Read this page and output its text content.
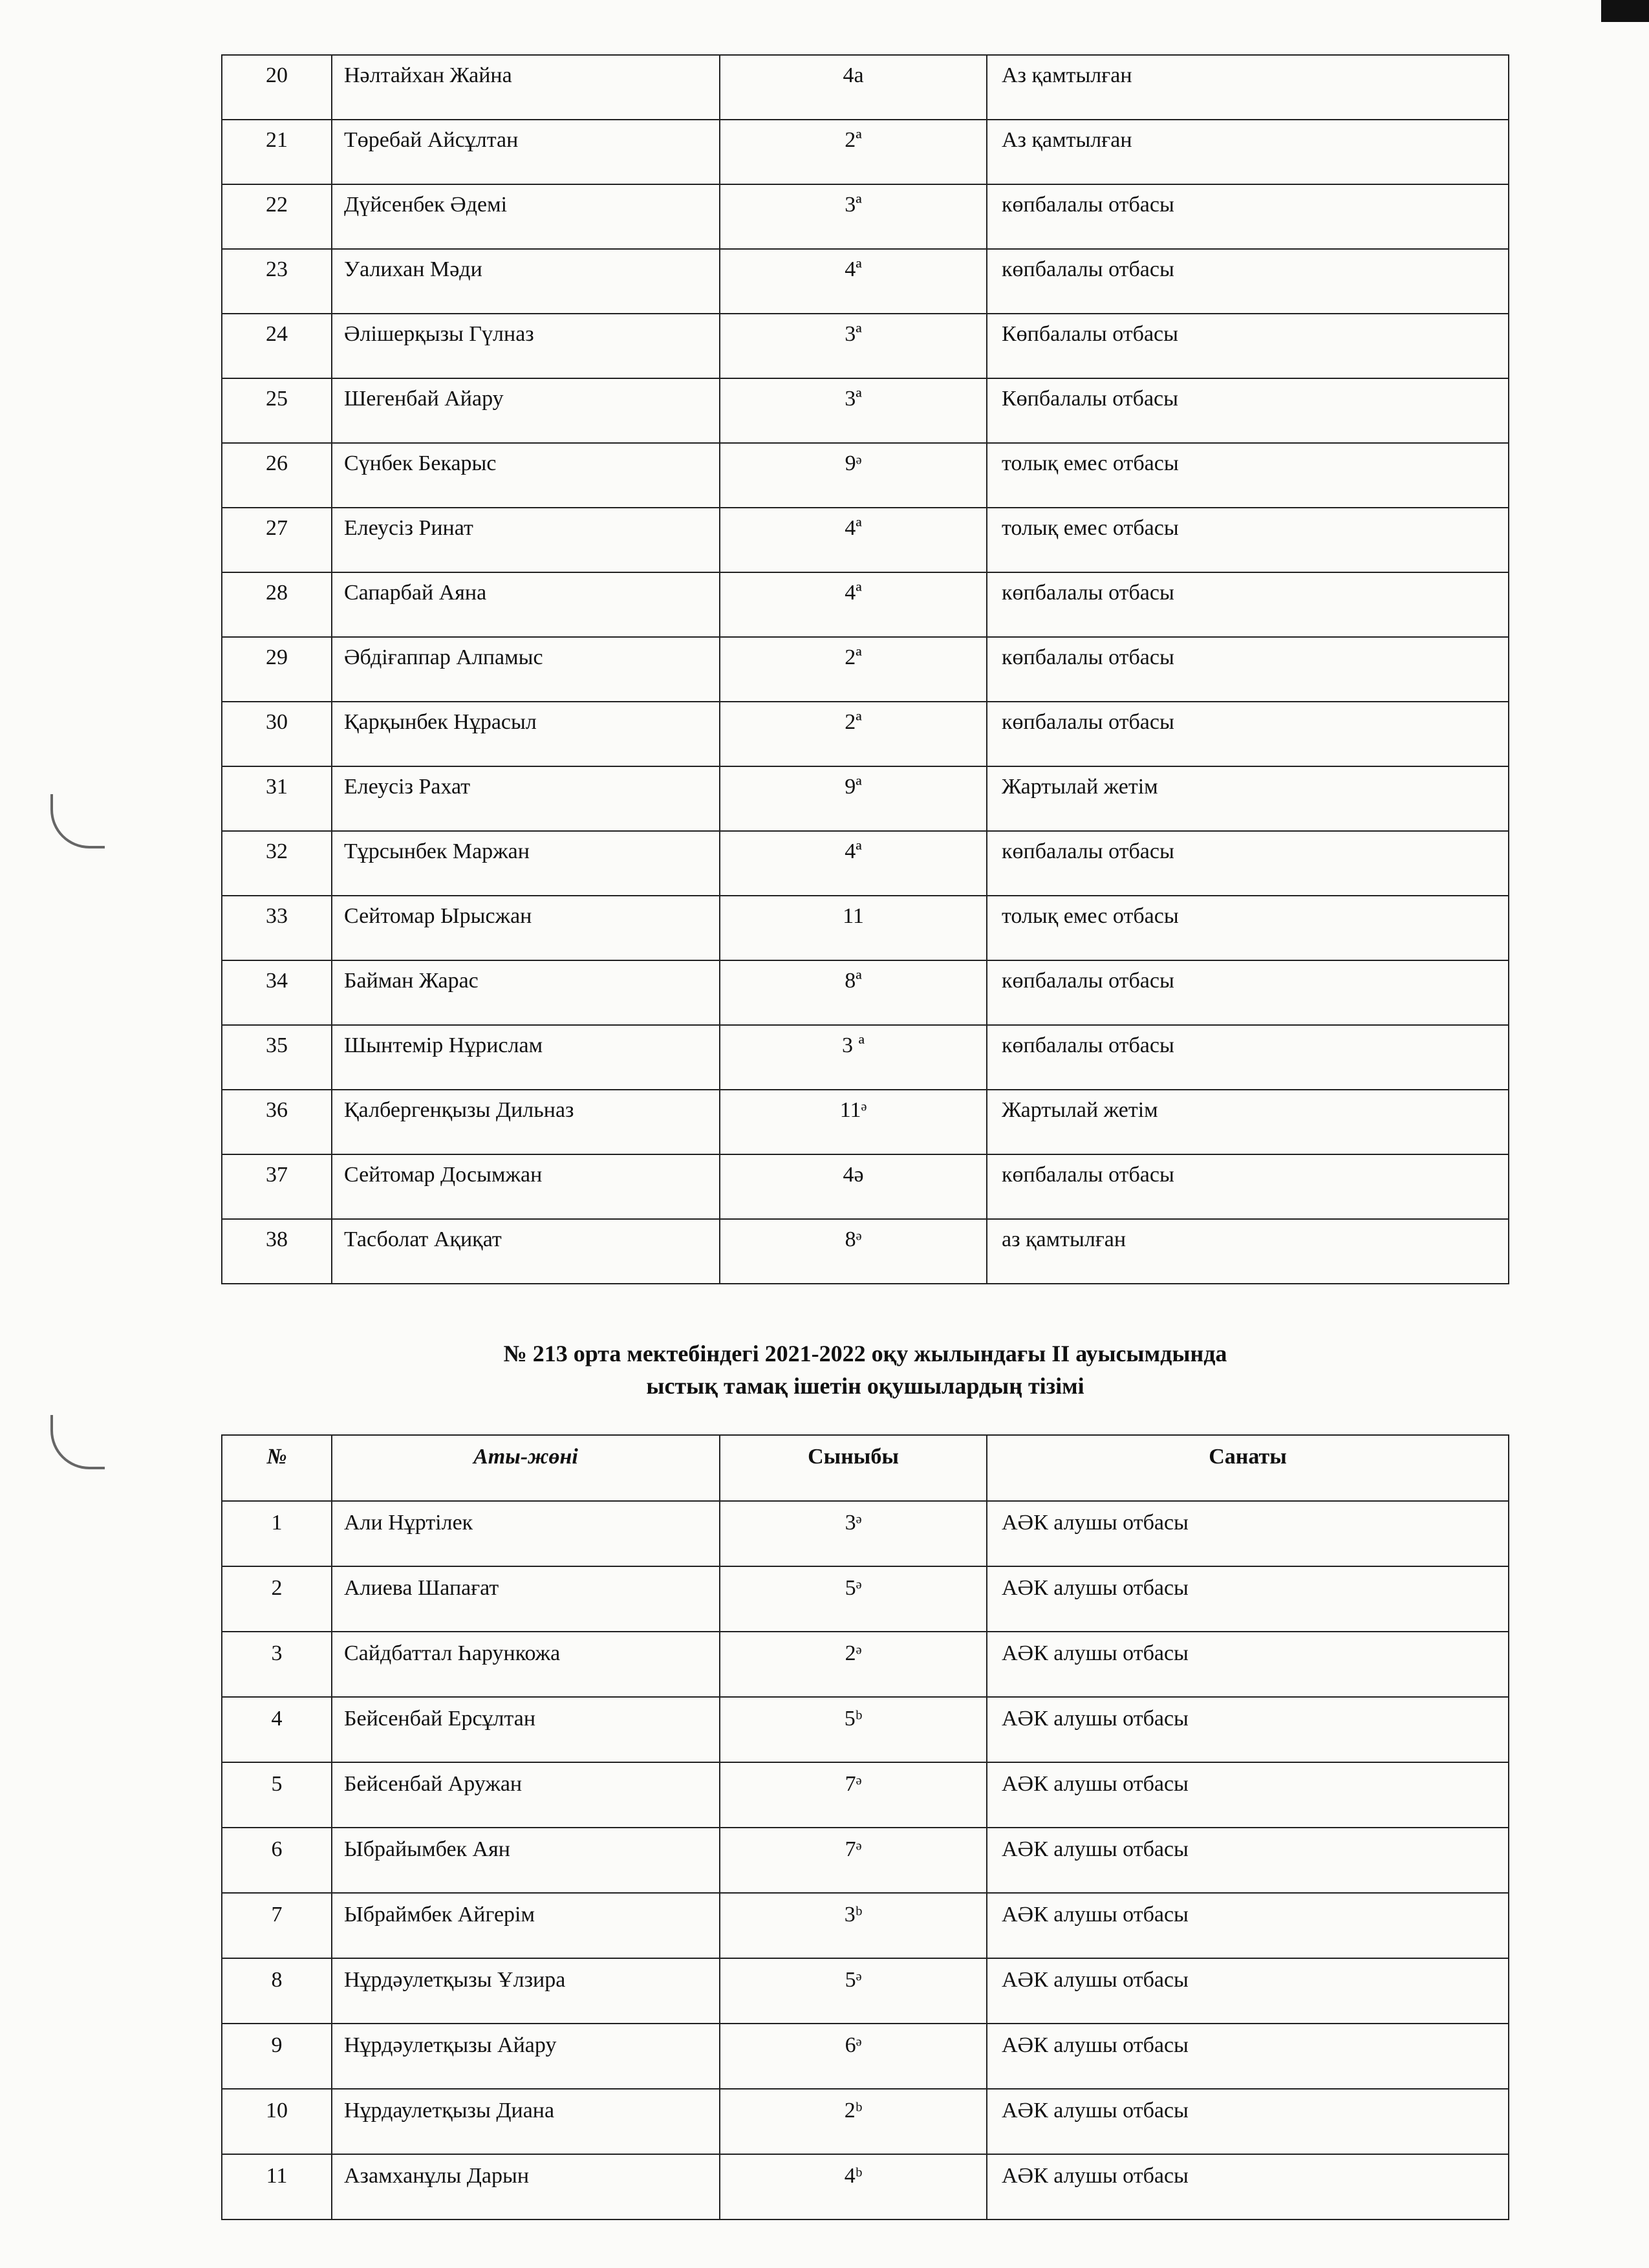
20	Нәлтайхан Жайна	4а	Аз қамтылған
21	Төребай Айсұлтан	2ª	Аз қамтылған
22	Дүйсенбек Әдемі	3ª	көпбалалы отбасы
23	Уалихан Мәди	4ª	көпбалалы отбасы
24	Әлішерқызы Гүлназ	3ª	Көпбалалы отбасы
25	Шегенбай Айару	3ª	Көпбалалы отбасы
26	Сүнбек Бекарыс	9ᵊ	толық емес отбасы
27	Елеусіз Ринат	4ª	толық емес отбасы
28	Сапарбай Аяна	4ª	көпбалалы отбасы
29	Әбдіғаппар Алпамыс	2ª	көпбалалы отбасы
30	Қарқынбек Нұрасыл	2ª	көпбалалы отбасы
31	Елеусіз Рахат	9ª	Жартылай жетім
32	Тұрсынбек Маржан	4ª	көпбалалы отбасы
33	Сейтомар Ырысжан	11	толық емес отбасы
34	Байман Жарас	8ª	көпбалалы отбасы
35	Шынтемір Нұрислам	3 ª	көпбалалы отбасы
36	Қалбергенқызы Дильназ	11ᵊ	Жартылай жетім
37	Сейтомар Досымжан	4ә	көпбалалы отбасы
38	Тасболат Ақиқат	8ᵊ	аз қамтылған
№ 213 орта мектебіндегі 2021-2022 оқу жылындағы II ауысымдында
ыстық тамақ ішетін оқушылардың тізімі
№	Аты-жөні	Сыныбы	Санаты
1	Али Нұртілек	3ᵊ	АӘК алушы отбасы
2	Алиева Шапағат	5ᵊ	АӘК алушы отбасы
3	Сайдбаттал Һарункожа	2ᵊ	АӘК алушы отбасы
4	Бейсенбай Ерсұлтан	5ᵇ	АӘК алушы отбасы
5	Бейсенбай Аружан	7ᵊ	АӘК алушы отбасы
6	Ыбрайымбек Аян	7ᵊ	АӘК алушы отбасы
7	Ыбраймбек Айгерім	3ᵇ	АӘК алушы отбасы
8	Нұрдәулетқызы Ұлзира	5ᵊ	АӘК алушы отбасы
9	Нұрдәулетқызы Айару	6ᵊ	АӘК алушы отбасы
10	Нұрдаулетқызы Диана	2ᵇ	АӘК алушы отбасы
11	Азамханұлы Дарын	4ᵇ	АӘК алушы отбасы
